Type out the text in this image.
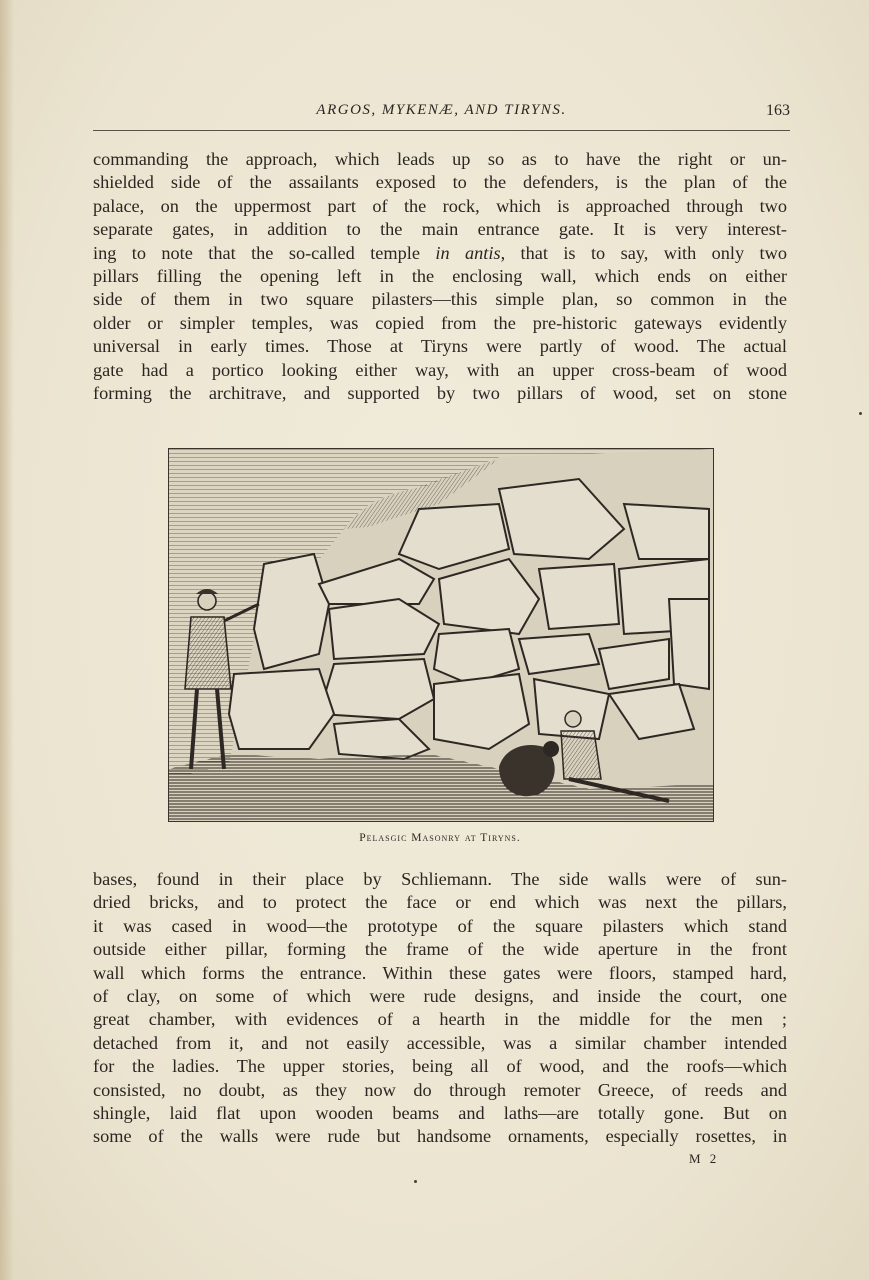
ARGOS, MYKENÆ, AND TIRYNS.	163

commanding the approach, which leads up so as to have the right or un-
shielded side of the assailants exposed to the defenders, is the plan of the
palace, on the uppermost part of the rock, which is approached through two
separate gates, in addition to the main entrance gate. It is very interest-
ing to note that the so-called temple in antis, that is to say, with only two
pillars filling the opening left in the enclosing wall, which ends on either
side of them in two square pilasters—this simple plan, so common in the
older or simpler temples, was copied from the pre-historic gateways evidently
universal in early times. Those at Tiryns were partly of wood. The actual
gate had a portico looking either way, with an upper cross-beam of wood
forming the architrave, and supported by two pillars of wood, set on stone

Pelasgic Masonry at Tiryns.

bases, found in their place by Schliemann. The side walls were of sun-
dried bricks, and to protect the face or end which was next the pillars,
it was cased in wood—the prototype of the square pilasters which stand
outside either pillar, forming the frame of the wide aperture in the front
wall which forms the entrance. Within these gates were floors, stamped hard,
of clay, on some of which were rude designs, and inside the court, one
great chamber, with evidences of a hearth in the middle for the men ;
detached from it, and not easily accessible, was a similar chamber intended
for the ladies. The upper stories, being all of wood, and the roofs—which
consisted, no doubt, as they now do through remoter Greece, of reeds and
shingle, laid flat upon wooden beams and laths—are totally gone. But on
some of the walls were rude but handsome ornaments, especially rosettes, in

M 2
